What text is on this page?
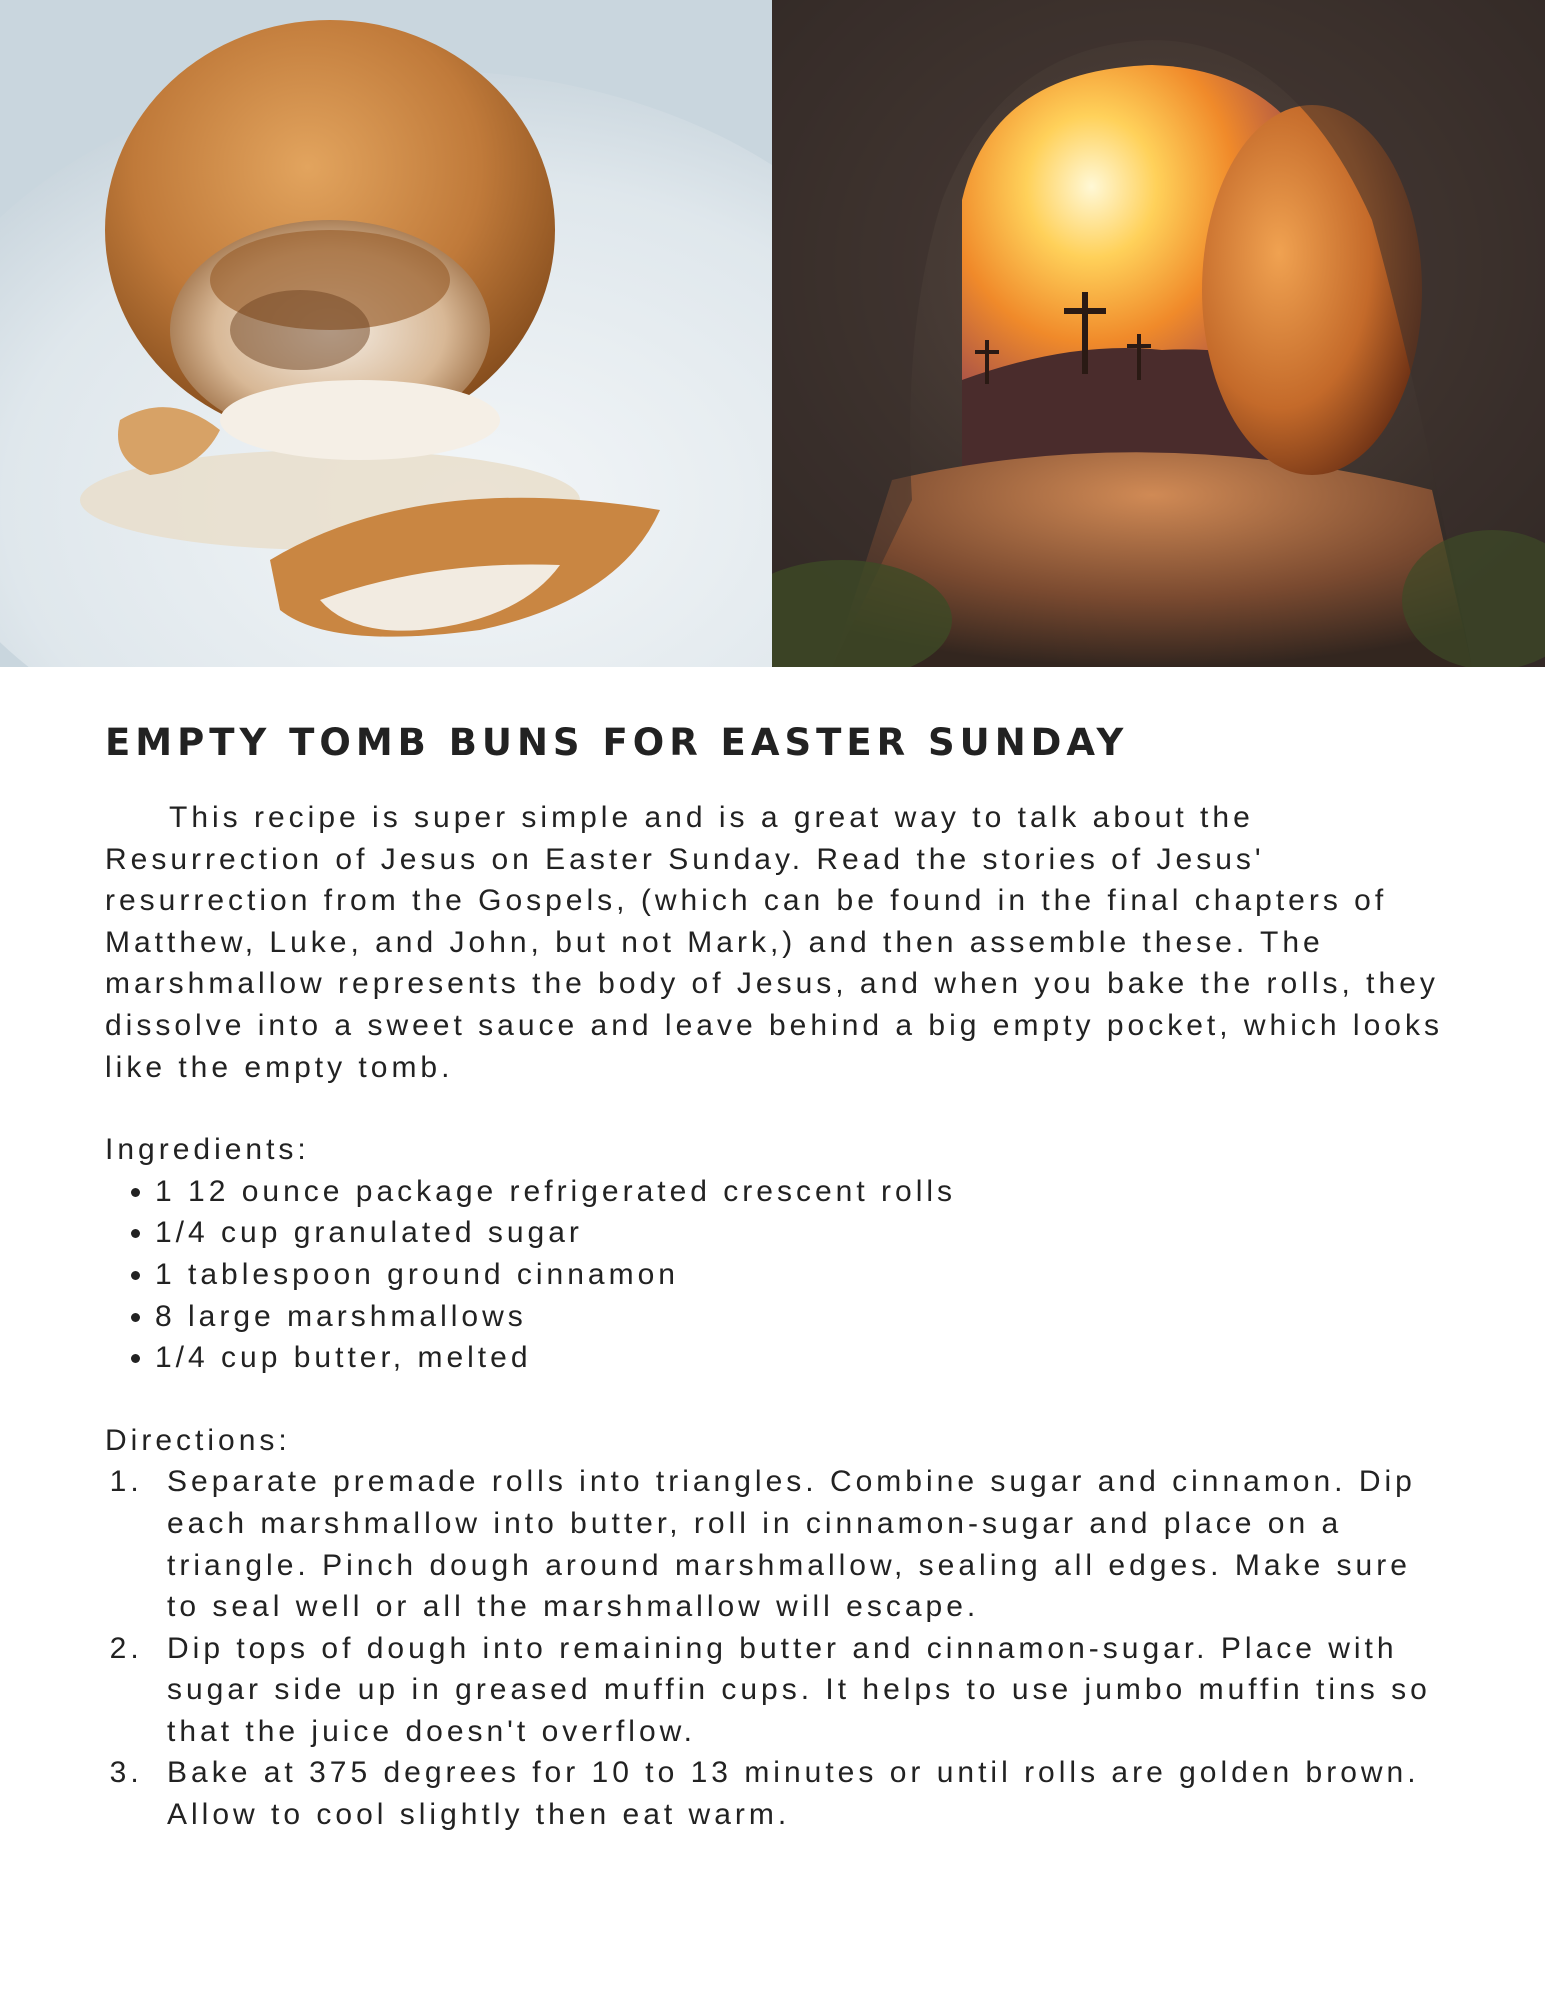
EMPTY TOMB BUNS FOR EASTER SUNDAY

This recipe is super simple and is a great way to talk about the Resurrection of Jesus on Easter Sunday. Read the stories of Jesus' resurrection from the Gospels, (which can be found in the final chapters of Matthew, Luke, and John, but not Mark,) and then assemble these. The marshmallow represents the body of Jesus, and when you bake the rolls, they dissolve into a sweet sauce and leave behind a big empty pocket, which looks like the empty tomb.

Ingredients:

• 1 12 ounce package refrigerated crescent rolls
• 1/4 cup granulated sugar
• 1 tablespoon ground cinnamon
• 8 large marshmallows
• 1/4 cup butter, melted

Directions:

1. Separate premade rolls into triangles. Combine sugar and cinnamon. Dip each marshmallow into butter, roll in cinnamon-sugar and place on a triangle. Pinch dough around marshmallow, sealing all edges. Make sure to seal well or all the marshmallow will escape.
2. Dip tops of dough into remaining butter and cinnamon-sugar. Place with sugar side up in greased muffin cups. It helps to use jumbo muffin tins so that the juice doesn't overflow.
3. Bake at 375 degrees for 10 to 13 minutes or until rolls are golden brown. Allow to cool slightly then eat warm.
